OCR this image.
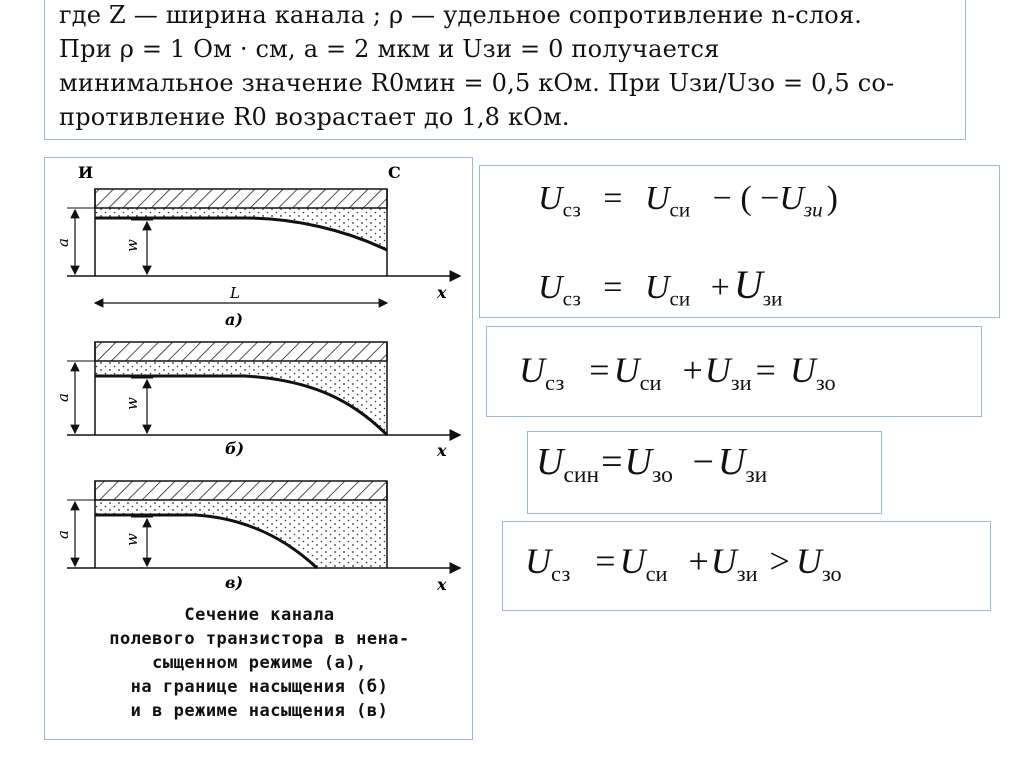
где Z — ширина канала ; ρ — удельное сопротивление n-слоя.
При ρ = 1 Ом · см, a = 2 мкм и Uзи = 0 получается
минимальное значение R0мин = 0,5 кОм. При Uзи/Uзо = 0,5 со-
противление R0 возрастает до 1,8 кОм.
И	С
a	w
L	x
а)
a	w
x
б)
a	w
x
в)
Сечение канала
полевого транзистора в нена-
сыщенном режиме (а),
на границе насыщения (б)
и в режиме насыщения (в)
$U_{сз} = U_{си}$ − ( $-U_{зи}$ )
$U_{сз} = U_{си} + U_{зи}$
$U_{сз} = U_{си} +U_{зи} = U_{зо}$
$U_{син}=U_{зо} - U_{зи}$
$U_{сз} = U_{си} +U_{зи} > U_{зо}$
